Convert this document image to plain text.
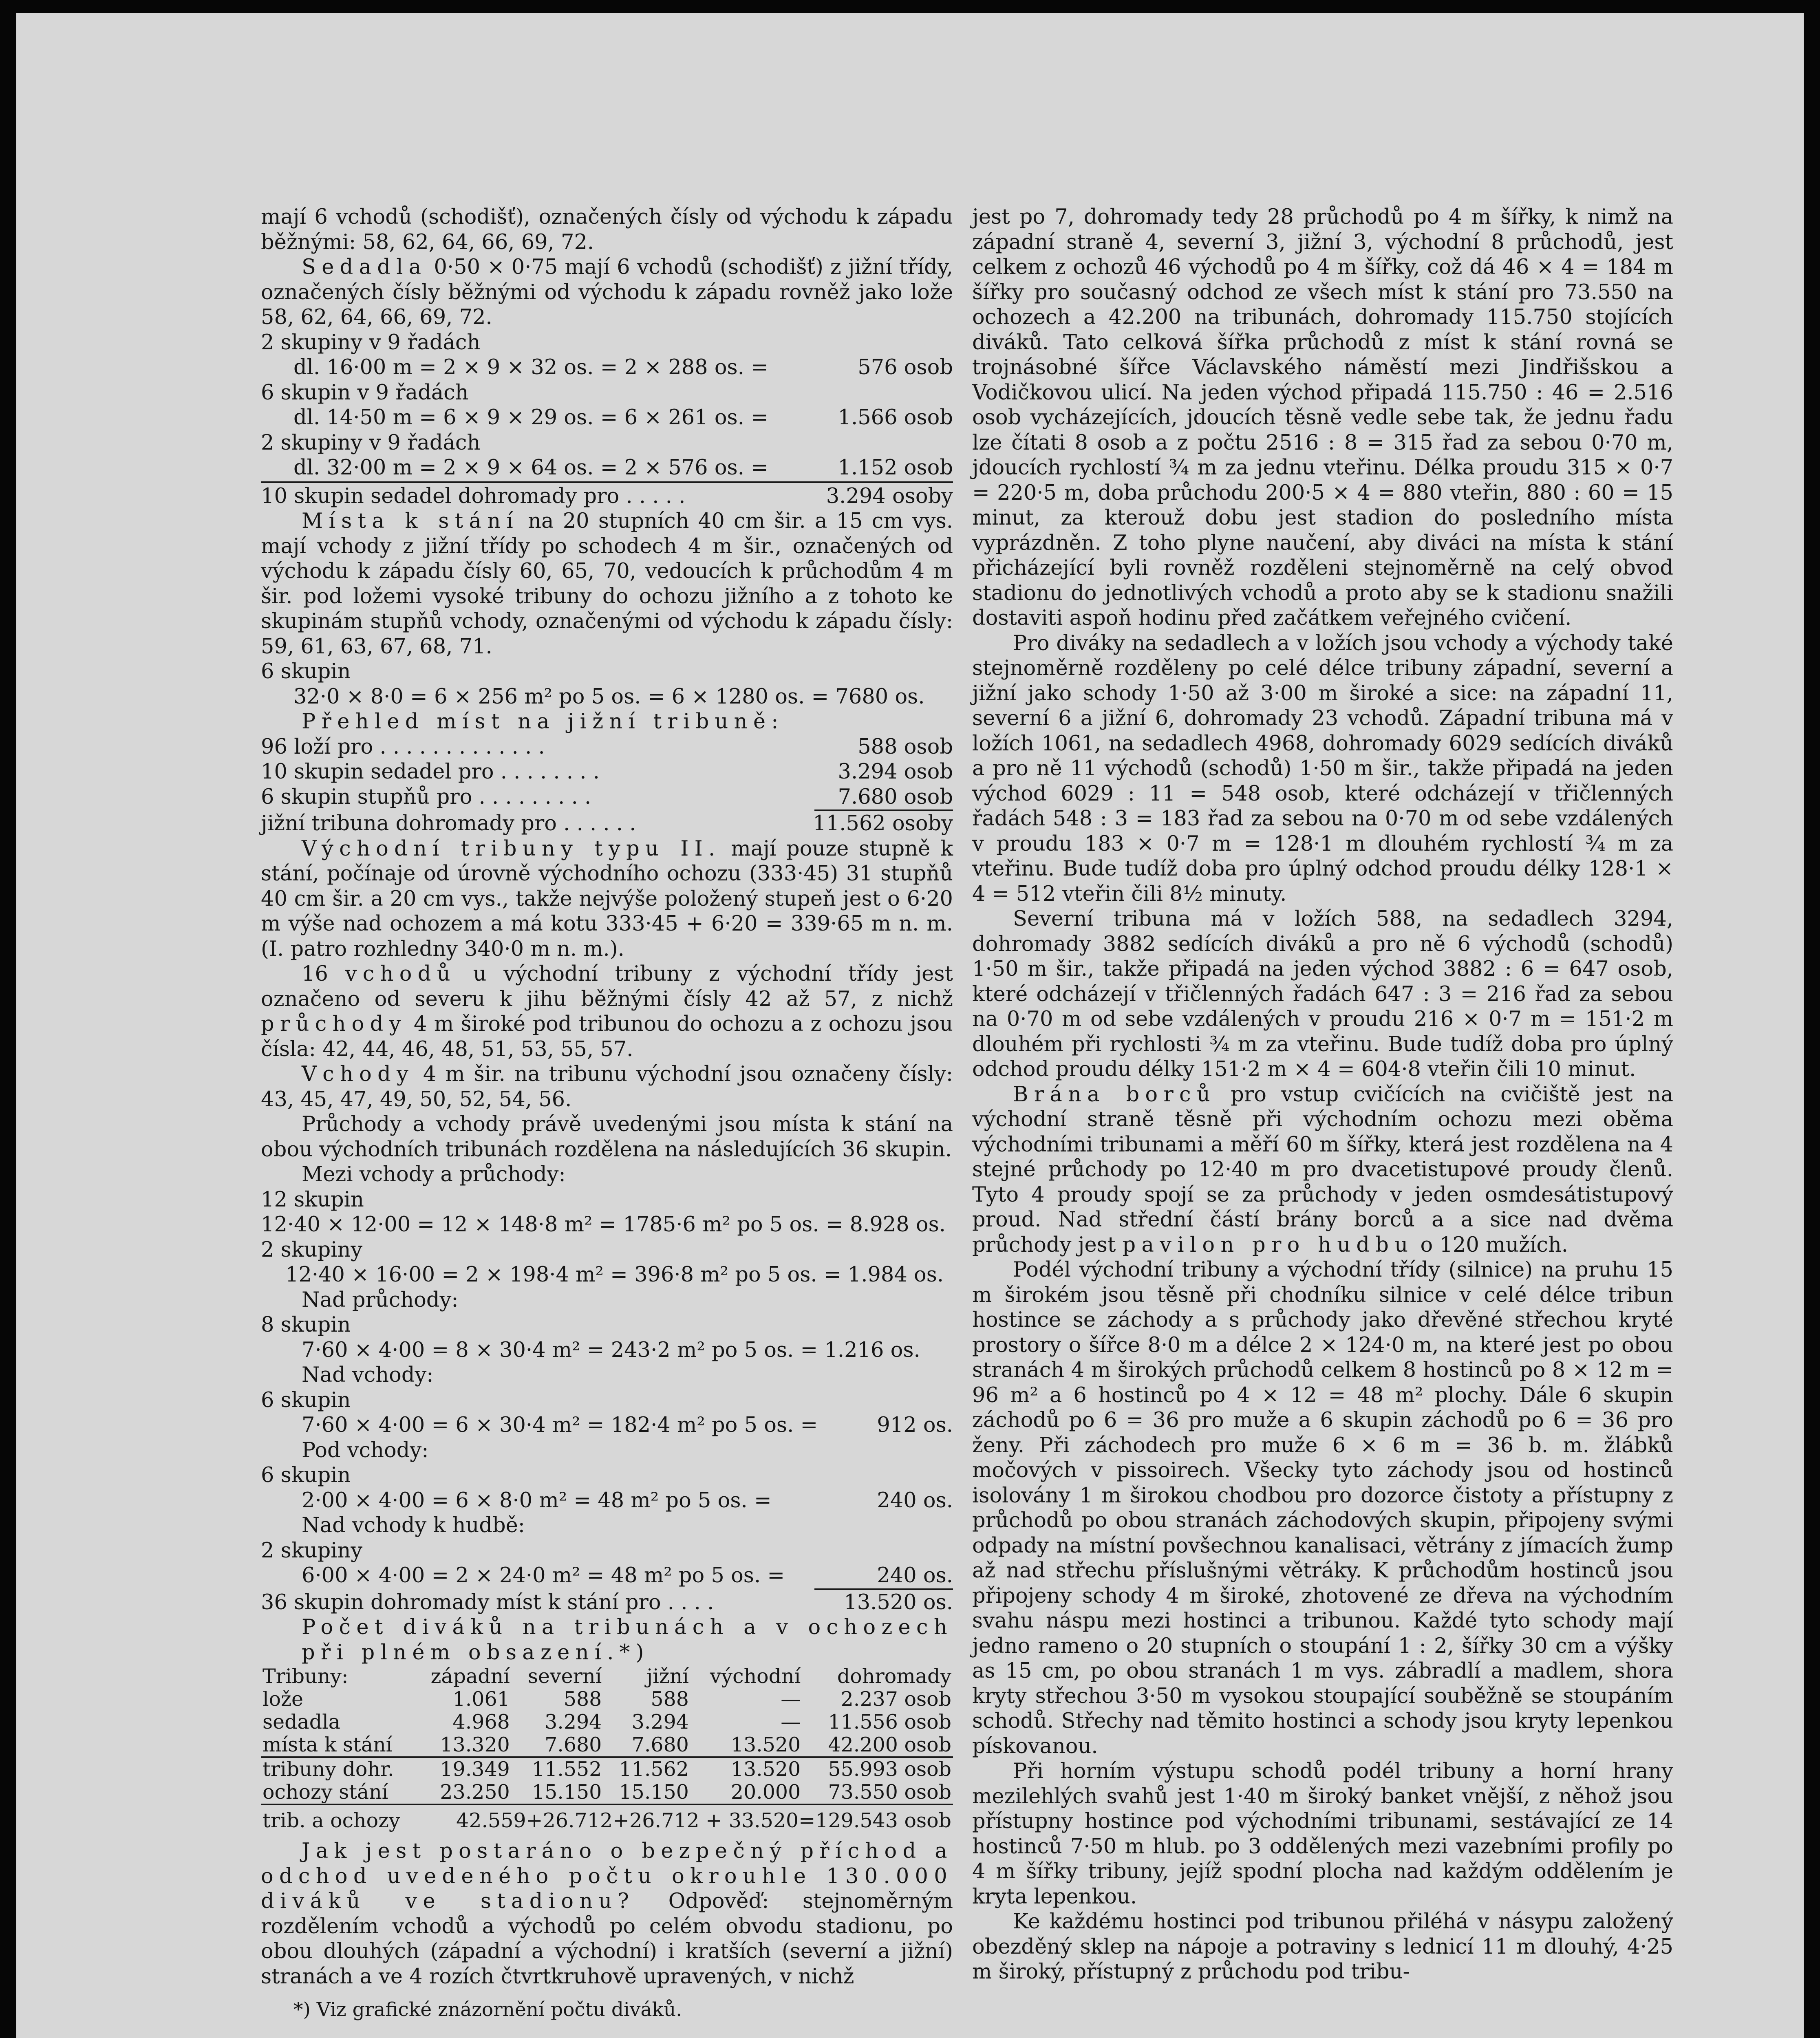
mají 6 vchodů (schodišť), označených čísly od východu k západu běžnými: 58, 62, 64, 66, 69, 72.

Sedadla 0·50 × 0·75 mají 6 vchodů (schodišť) z jižní třídy, označených čísly běžnými od východu k západu rovněž jako lože 58, 62, 64, 66, 69, 72.

2 skupiny v 9 řadách
dl. 16·00 m = 2 × 9 × 32 os. = 2 × 288 os. =	576 osob
6 skupin v 9 řadách
dl. 14·50 m = 6 × 9 × 29 os. = 6 × 261 os. =	1.566 osob
2 skupiny v 9 řadách
dl. 32·00 m = 2 × 9 × 64 os. = 2 × 576 os. =	1.152 osob
10 skupin sedadel dohromady pro . . . . .	3.294 osoby

Místa k stání na 20 stupních 40 cm šir. a 15 cm vys. mají vchody z jižní třídy po schodech 4 m šir., označených od východu k západu čísly 60, 65, 70, vedoucích k průchodům 4 m šir. pod ložemi vysoké tribuny do ochozu jižního a z tohoto ke skupinám stupňů vchody, označenými od východu k západu čísly: 59, 61, 63, 67, 68, 71.

6 skupin
32·0 × 8·0 = 6 × 256 m² po 5 os. = 6 × 1280 os. = 7680 os.
Přehled míst na jižní tribuně:
96 loží pro . . . . . . . . . . . . .	588 osob
10 skupin sedadel pro . . . . . . . .	3.294 osob
6 skupin stupňů pro . . . . . . . . .	7.680 osob
jižní tribuna dohromady pro . . . . . .	11.562 osoby

Východní tribuny typu II. mají pouze stupně k stání, počínaje od úrovně východního ochozu (333·45) 31 stupňů 40 cm šir. a 20 cm vys., takže nejvýše položený stupeň jest o 6·20 m výše nad ochozem a má kotu 333·45 + 6·20 = 339·65 m n. m. (I. patro rozhledny 340·0 m n. m.).

16 vchodů u východní tribuny z východní třídy jest označeno od severu k jihu běžnými čísly 42 až 57, z nichž průchody 4 m široké pod tribunou do ochozu a z ochozu jsou čísla: 42, 44, 46, 48, 51, 53, 55, 57.

Vchody 4 m šir. na tribunu východní jsou označeny čísly: 43, 45, 47, 49, 50, 52, 54, 56.

Průchody a vchody právě uvedenými jsou místa k stání na obou východních tribunách rozdělena na následujících 36 skupin.

Mezi vchody a průchody:
12 skupin
12·40 × 12·00 = 12 × 148·8 m² = 1785·6 m² po 5 os. = 8.928 os.
2 skupiny
12·40 × 16·00 = 2 × 198·4 m² = 396·8 m² po 5 os. = 1.984 os.
Nad průchody:
8 skupin
7·60 × 4·00 = 8 × 30·4 m² = 243·2 m² po 5 os. = 1.216 os.
Nad vchody:
6 skupin
7·60 × 4·00 = 6 × 30·4 m² = 182·4 m² po 5 os. =	912 os.
Pod vchody:
6 skupin
2·00 × 4·00 = 6 × 8·0 m² = 48 m² po 5 os. =	240 os.
Nad vchody k hudbě:
2 skupiny
6·00 × 4·00 = 2 × 24·0 m² = 48 m² po 5 os. =	240 os.
36 skupin dohromady míst k stání pro . . . .	13.520 os.
Počet diváků na tribunách a v ochozech při plném obsazení.*)
Tribuny:	západní	severní	jižní	východní	dohromady
lože	1.061	588	588	—	2.237 osob
sedadla	4.968	3.294	3.294	—	11.556 osob
místa k stání	13.320	7.680	7.680	13.520	42.200 osob
tribuny dohr.	19.349	11.552	11.562	13.520	55.993 osob
ochozy stání	23.250	15.150	15.150	20.000	73.550 osob
trib. a ochozy	42.559+26.712+26.712 + 33.520=129.543 osob				

Jak jest postaráno o bezpečný příchod a odchod uvedeného počtu okrouhle 130.000 diváků ve stadionu? Odpověď: stejnoměrným rozdělením vchodů a východů po celém obvodu stadionu, po obou dlouhých (západní a východní) i kratších (severní a jižní) stranách a ve 4 rozích čtvrtkruhově upravených, v nichž

*) Viz grafické znázornění počtu diváků.

jest po 7, dohromady tedy 28 průchodů po 4 m šířky, k nimž na západní straně 4, severní 3, jižní 3, východní 8 průchodů, jest celkem z ochozů 46 východů po 4 m šířky, což dá 46 × 4 = 184 m šířky pro současný odchod ze všech míst k stání pro 73.550 na ochozech a 42.200 na tribunách, dohromady 115.750 stojících diváků. Tato celková šířka průchodů z míst k stání rovná se trojnásobné šířce Václavského náměstí mezi Jindřišskou a Vodičkovou ulicí. Na jeden východ připadá 115.750 : 46 = 2.516 osob vycházejících, jdoucích těsně vedle sebe tak, že jednu řadu lze čítati 8 osob a z počtu 2516 : 8 = 315 řad za sebou 0·70 m, jdoucích rychlostí ¾ m za jednu vteřinu. Délka proudu 315 × 0·7 = 220·5 m, doba průchodu 200·5 × 4 = 880 vteřin, 880 : 60 = 15 minut, za kterouž dobu jest stadion do posledního místa vyprázdněn. Z toho plyne naučení, aby diváci na místa k stání přicházející byli rovněž rozděleni stejnoměrně na celý obvod stadionu do jednotlivých vchodů a proto aby se k stadionu snažili dostaviti aspoň hodinu před začátkem veřejného cvičení.

Pro diváky na sedadlech a v ložích jsou vchody a východy také stejnoměrně rozděleny po celé délce tribuny západní, severní a jižní jako schody 1·50 až 3·00 m široké a sice: na západní 11, severní 6 a jižní 6, dohromady 23 vchodů. Západní tribuna má v ložích 1061, na sedadlech 4968, dohromady 6029 sedících diváků a pro ně 11 východů (schodů) 1·50 m šir., takže připadá na jeden východ 6029 : 11 = 548 osob, které odcházejí v třičlenných řadách 548 : 3 = 183 řad za sebou na 0·70 m od sebe vzdálených v proudu 183 × 0·7 m = 128·1 m dlouhém rychlostí ¾ m za vteřinu. Bude tudíž doba pro úplný odchod proudu délky 128·1 × 4 = 512 vteřin čili 8½ minuty.

Severní tribuna má v ložích 588, na sedadlech 3294, dohromady 3882 sedících diváků a pro ně 6 východů (schodů) 1·50 m šir., takže připadá na jeden východ 3882 : 6 = 647 osob, které odcházejí v třičlenných řadách 647 : 3 = 216 řad za sebou na 0·70 m od sebe vzdálených v proudu 216 × 0·7 m = 151·2 m dlouhém při rychlosti ¾ m za vteřinu. Bude tudíž doba pro úplný odchod proudu délky 151·2 m × 4 = 604·8 vteřin čili 10 minut.

Brána borců pro vstup cvičících na cvičiště jest na východní straně těsně při východním ochozu mezi oběma východními tribunami a měří 60 m šířky, která jest rozdělena na 4 stejné průchody po 12·40 m pro dvacetistupové proudy členů. Tyto 4 proudy spojí se za průchody v jeden osmdesátistupový proud. Nad střední částí brány borců a a sice nad dvěma průchody jest pavilon pro hudbu o 120 mužích.

Podél východní tribuny a východní třídy (silnice) na pruhu 15 m širokém jsou těsně při chodníku silnice v celé délce tribun hostince se záchody a s průchody jako dřevěné střechou kryté prostory o šířce 8·0 m a délce 2 × 124·0 m, na které jest po obou stranách 4 m širokých průchodů celkem 8 hostinců po 8 × 12 m = 96 m² a 6 hostinců po 4 × 12 = 48 m² plochy. Dále 6 skupin záchodů po 6 = 36 pro muže a 6 skupin záchodů po 6 = 36 pro ženy. Při záchodech pro muže 6 × 6 m = 36 b. m. žlábků močových v pissoirech. Všecky tyto záchody jsou od hostinců isolovány 1 m širokou chodbou pro dozorce čistoty a přístupny z průchodů po obou stranách záchodových skupin, připojeny svými odpady na místní povšechnou kanalisaci, větrány z jímacích žump až nad střechu příslušnými větráky. K průchodům hostinců jsou připojeny schody 4 m široké, zhotovené ze dřeva na východním svahu náspu mezi hostinci a tribunou. Každé tyto schody mají jedno rameno o 20 stupních o stoupání 1 : 2, šířky 30 cm a výšky as 15 cm, po obou stranách 1 m vys. zábradlí a madlem, shora kryty střechou 3·50 m vysokou stoupající souběžně se stoupáním schodů. Střechy nad těmito hostinci a schody jsou kryty lepenkou pískovanou.

Při horním výstupu schodů podél tribuny a horní hrany mezilehlých svahů jest 1·40 m široký banket vnější, z něhož jsou přístupny hostince pod východními tribunami, sestávající ze 14 hostinců 7·50 m hlub. po 3 oddělených mezi vazebními profily po 4 m šířky tribuny, jejíž spodní plocha nad každým oddělením je kryta lepenkou.

Ke každému hostinci pod tribunou přiléhá v násypu založený obezděný sklep na nápoje a potraviny s lednicí 11 m dlouhý, 4·25 m široký, přístupný z průchodu pod tribu-
